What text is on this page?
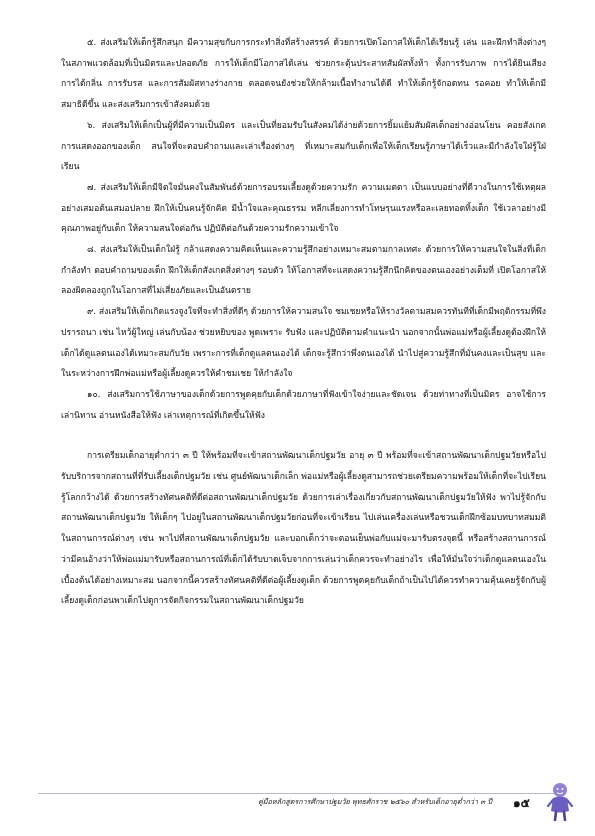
๕. ส่งเสริมให้เด็กรู้สึกสนุก มีความสุขกับการกระทำสิ่งที่สร้างสรรค์ ด้วยการเปิดโอกาสให้เด็กได้เรียนรู้ เล่น และฝึกทำสิ่งต่างๆ ในสภาพแวดล้อมที่เป็นมิตรและปลอดภัย การให้เด็กมีโอกาสได้เล่น ช่วยกระตุ้นประสาทสัมผัสทั้งห้า ทั้งการรับภาพ การได้ยินเสียง การได้กลิ่น การรับรส และการสัมผัสทางร่างกาย ตลอดจนยังช่วยให้กล้ามเนื้อทำงานได้ดี ทำให้เด็กรู้จักอดทน รอคอย ทำให้เด็กมีสมาธิดีขึ้น และส่งเสริมการเข้าสังคมด้วย

๖. ส่งเสริมให้เด็กเป็นผู้ที่มีความเป็นมิตร และเป็นที่ยอมรับในสังคมได้ง่ายด้วยการยิ้มแย้มสัมผัสเด็กอย่างอ่อนโยน คอยสังเกตการแสดงออกของเด็ก สนใจที่จะตอบคำถามและเล่าเรื่องต่างๆ ที่เหมาะสมกับเด็กเพื่อให้เด็กเรียนรู้ภาษาได้เร็วและมีกำลังใจใฝ่รู้ใฝ่เรียน

๗. ส่งเสริมให้เด็กมีจิตใจมั่นคงในสัมพันธ์ด้วยการอบรมเลี้ยงดูด้วยความรัก ความเมตตา เป็นแบบอย่างที่ดีวางในการใช้เหตุผลอย่างเสมอต้นเสมอปลาย ฝึกให้เป็นคนรู้จักคิด มีน้ำใจและคุณธรรม หลีกเลี่ยงการทำโทษรุนแรงหรือละเลยทอดทิ้งเด็ก ใช้เวลาอย่างมีคุณภาพอยู่กับเด็ก ให้ความสนใจต่อกัน ปฏิบัติต่อกันด้วยความรักความเข้าใจ

๘. ส่งเสริมให้เป็นเด็กใฝ่รู้ กล้าแสดงความคิดเห็นและความรู้สึกอย่างเหมาะสมตามกาลเทศะ ด้วยการให้ความสนใจในสิ่งที่เด็กกำลังทำ ตอบคำถามของเด็ก ฝึกให้เด็กสังเกตสิ่งต่างๆ รอบตัว ให้โอกาสที่จะแสดงความรู้สึกนึกคิดของตนเองอย่างเต็มที่ เปิดโอกาสให้ลองผิดลองถูกในโอกาสที่ไม่เสี่ยงภัยและเป็นอันตราย

๙. ส่งเสริมให้เด็กเกิดแรงจูงใจที่จะทำสิ่งที่ดีๆ ด้วยการให้ความสนใจ ชมเชยหรือให้รางวัลตามสมควรทันทีที่เด็กมีพฤติกรรมที่พึงปรารถนา เช่น ไหว้ผู้ใหญ่ เล่นกับน้อง ช่วยหยิบของ พูดเพราะ รับฟัง และปฏิบัติตามคำแนะนำ นอกจากนั้นพ่อแม่หรือผู้เลี้ยงดูต้องฝึกให้เด็กได้ดูแลตนเองได้เหมาะสมกับวัย เพราะการที่เด็กดูแลตนเองได้ เด็กจะรู้สึกว่าพึ่งตนเองได้ นำไปสู่ความรู้สึกที่มั่นคงและเป็นสุข และในระหว่างการฝึกพ่อแม่หรือผู้เลี้ยงดูควรให้คำชมเชย ให้กำลังใจ

๑๐. ส่งเสริมการใช้ภาษาของเด็กด้วยการพูดคุยกับเด็กด้วยภาษาที่ฟังเข้าใจง่ายและชัดเจน ด้วยท่าทางที่เป็นมิตร อาจใช้การเล่านิทาน อ่านหนังสือให้ฟัง เล่าเหตุการณ์ที่เกิดขึ้นให้ฟัง

การเตรียมเด็กอายุต่ำกว่า ๓ ปี ให้พร้อมที่จะเข้าสถานพัฒนาเด็กปฐมวัย อายุ ๓ ปี พร้อมที่จะเข้าสถานพัฒนาเด็กปฐมวัยหรือไปรับบริการจากสถานที่ที่รับเลี้ยงเด็กปฐมวัย เช่น ศูนย์พัฒนาเด็กเล็ก พ่อแม่หรือผู้เลี้ยงดูสามารถช่วยเตรียมความพร้อมให้เด็กที่จะไปเรียนรู้โลกกว้างได้ ด้วยการสร้างทัศนคติที่ดีต่อสถานพัฒนาเด็กปฐมวัย ด้วยการเล่าเรื่องเกี่ยวกับสถานพัฒนาเด็กปฐมวัยให้ฟัง พาไปรู้จักกับสถานพัฒนาเด็กปฐมวัย ให้เด็กๆ ไปอยู่ในสถานพัฒนาเด็กปฐมวัยก่อนที่จะเข้าเรียน ไปเล่นเครื่องเล่นหรือชวนเด็กฝึกซ้อมบทบาทสมมติในสถานการณ์ต่างๆ เช่น พาไปที่สถานพัฒนาเด็กปฐมวัย และบอกเด็กว่าจะตอนเย็นพ่อกับแม่จะมารับตรงจุดนี้ หรือสร้างสถานการณ์ว่ามีคนอ้างว่าให้พ่อแม่มารับหรือสถานการณ์ที่เด็กได้รับบาดเจ็บจากการเล่นว่าเด็กควรจะทำอย่างไร เพื่อให้มั่นใจว่าเด็กดูแลตนเองในเบื้องต้นได้อย่างเหมาะสม นอกจากนี้ควรสร้างทัศนคติที่ดีต่อผู้เลี้ยงดูเด็ก ด้วยการพูดคุยกับเด็กถ้าเป็นไปได้ควรทำความคุ้นเคยรู้จักกับผู้เลี้ยงดูเด็กก่อนพาเด็กไปดูการจัดกิจกรรมในสถานพัฒนาเด็กปฐมวัย

คู่มือหลักสูตรการศึกษาปฐมวัย พุทธศักราช ๒๕๖๐ สำหรับเด็กอายุต่ำกว่า ๓ ปี ๑๕
